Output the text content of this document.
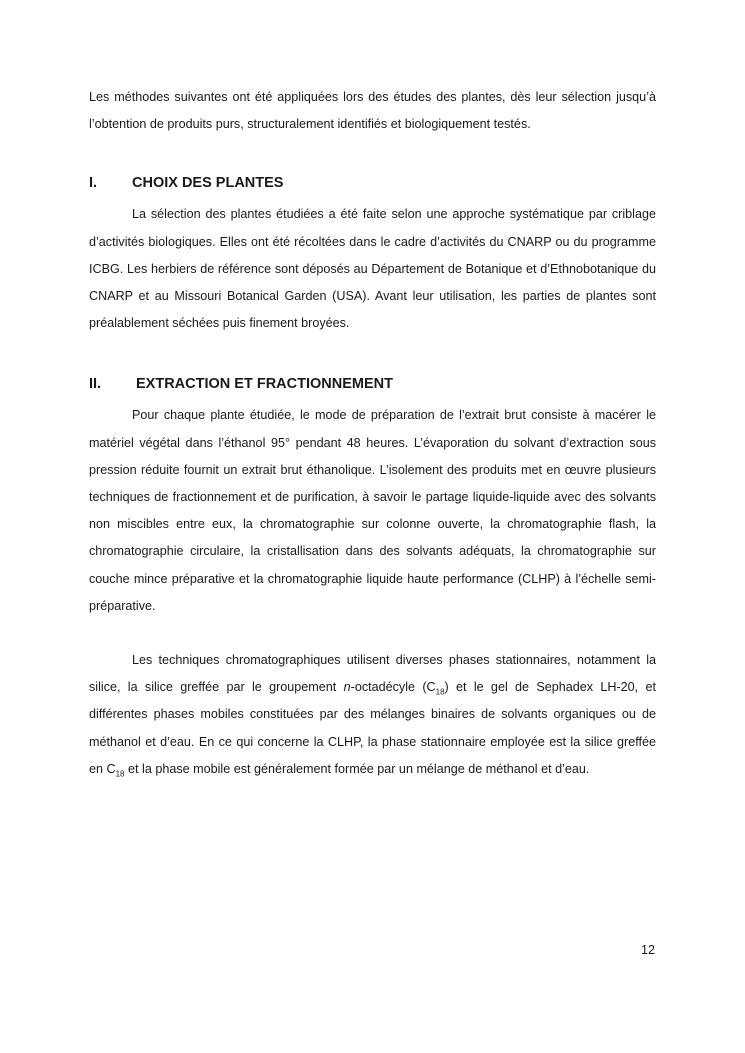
Les méthodes suivantes ont été appliquées lors des études des plantes, dès leur sélection jusqu’à l’obtention de produits purs, structuralement identifiés et biologiquement testés.

I.	CHOIX DES PLANTES

La sélection des plantes étudiées a été faite selon une approche systématique par criblage d’activités biologiques. Elles ont été récoltées dans le cadre d’activités du CNARP ou du programme ICBG. Les herbiers de référence sont déposés au Département de Botanique et d’Ethnobotanique du CNARP et au Missouri Botanical Garden (USA). Avant leur utilisation, les parties de plantes sont préalablement séchées puis finement broyées.

II.	EXTRACTION ET FRACTIONNEMENT

Pour chaque plante étudiée, le mode de préparation de l’extrait brut consiste à macérer le matériel végétal dans l’éthanol 95° pendant 48 heures. L’évaporation du solvant d’extraction sous pression réduite fournit un extrait brut éthanolique. L’isolement des produits met en œuvre plusieurs techniques de fractionnement et de purification, à savoir le partage liquide-liquide avec des solvants non miscibles entre eux, la chromatographie sur colonne ouverte, la chromatographie flash, la chromatographie circulaire, la cristallisation dans des solvants adéquats, la chromatographie sur couche mince préparative et la chromatographie liquide haute performance (CLHP) à l’échelle semi-préparative.

Les techniques chromatographiques utilisent diverses phases stationnaires, notamment la silice, la silice greffée par le groupement n-octadécyle $(C_{18})$ et le gel de Sephadex LH-20, et différentes phases mobiles constituées par des mélanges binaires de solvants organiques ou de méthanol et d’eau. En ce qui concerne la CLHP, la phase stationnaire employée est la silice greffée en $C_{18}$ et la phase mobile est généralement formée par un mélange de méthanol et d’eau.

12
